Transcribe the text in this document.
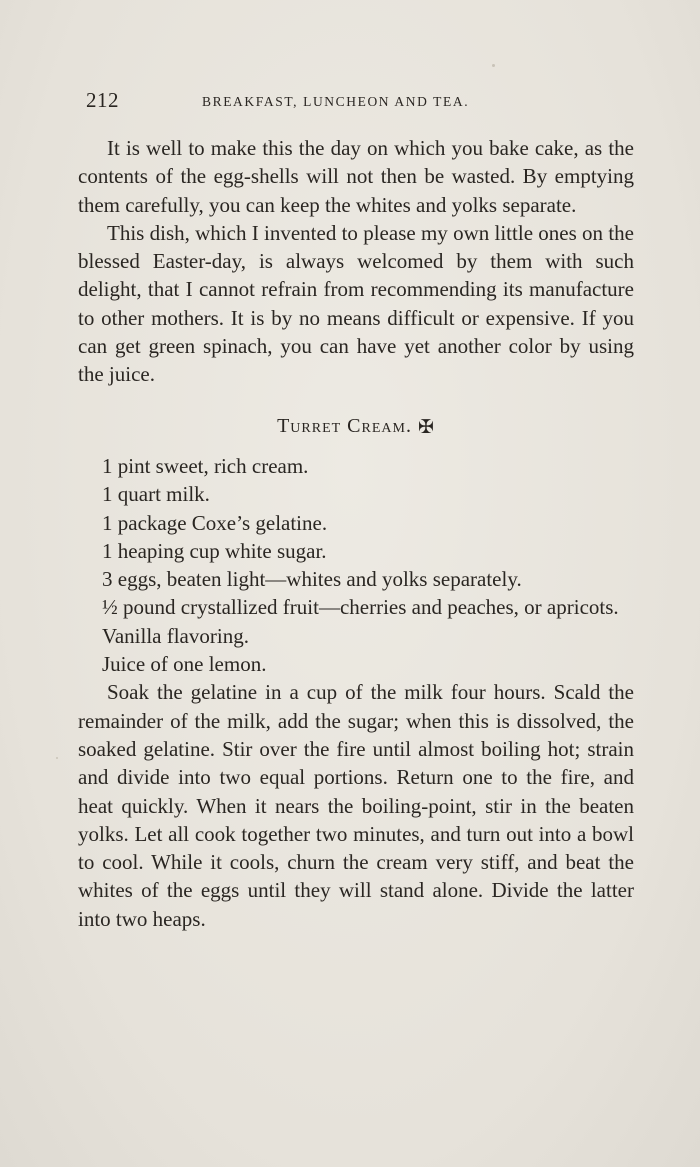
212	BREAKFAST, LUNCHEON AND TEA.

It is well to make this the day on which you bake cake, as the contents of the egg-shells will not then be wasted. By emptying them carefully, you can keep the whites and yolks separate.

This dish, which I invented to please my own little ones on the blessed Easter-day, is always welcomed by them with such delight, that I cannot refrain from recommending its manufacture to other mothers. It is by no means difficult or expensive. If you can get green spinach, you can have yet another color by using the juice.

Turret Cream. ✠
1 pint sweet, rich cream.
1 quart milk.
1 package Coxe’s gelatine.
1 heaping cup white sugar.
3 eggs, beaten light—whites and yolks separately.
½ pound crystallized fruit—cherries and peaches, or apricots.
Vanilla flavoring.
Juice of one lemon.

Soak the gelatine in a cup of the milk four hours. Scald the remainder of the milk, add the sugar; when this is dissolved, the soaked gelatine. Stir over the fire until almost boiling hot; strain and divide into two equal portions. Return one to the fire, and heat quickly. When it nears the boiling-point, stir in the beaten yolks. Let all cook together two minutes, and turn out into a bowl to cool. While it cools, churn the cream very stiff, and beat the whites of the eggs until they will stand alone. Divide the latter into two heaps.
